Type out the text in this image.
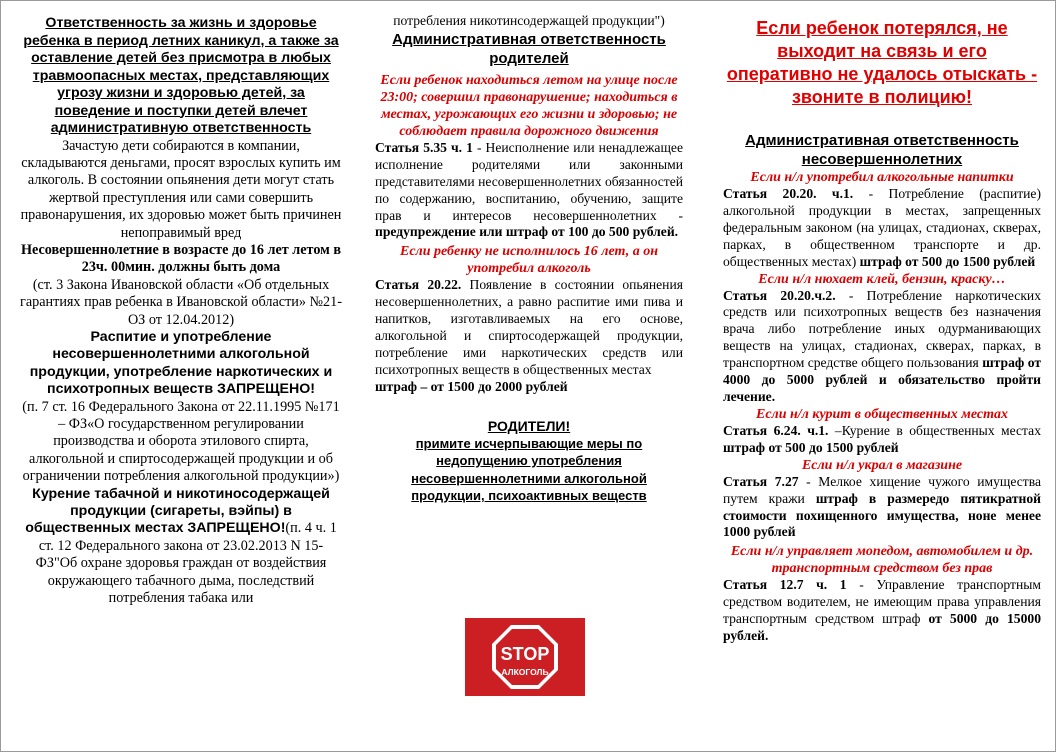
Ответственность за жизнь и здоровье ребенка в период летних каникул, а также за оставление детей без присмотра в любых травмоопасных местах, представляющих угрозу жизни и здоровью детей, за поведение и поступки детей влечет административную ответственность

Зачастую дети собираются в компании, складываются деньгами, просят взрослых купить им алкоголь. В состоянии опьянения дети могут стать жертвой преступления или сами совершить правонарушения, их здоровью может быть причинен непоправимый вред

Несовершеннолетние в возрасте до 16 лет летом в 23ч. 00мин. должны быть дома

(ст. 3 Закона Ивановской области «Об отдельных гарантиях прав ребенка в Ивановской области» №21-ОЗ от 12.04.2012)

Распитие и употребление несовершеннолетними алкогольной продукции, употребление наркотических и психотропных веществ ЗАПРЕЩЕНО!

(п. 7 ст. 16 Федерального Закона от 22.11.1995 №171 – ФЗ«О государственном регулировании производства и оборота этилового спирта, алкогольной и спиртосодержащей продукции и об ограничении потребления алкогольной продукции»)

Курение табачной и никотиносодержащей продукции (сигареты, вэйпы) в общественных местах ЗАПРЕЩЕНО!(п. 4 ч. 1 ст. 12 Федерального закона от 23.02.2013 N 15-ФЗ"Об охране здоровья граждан от воздействия окружающего табачного дыма, последствий потребления табака или

потребления никотинсодержащей продукции")

Административная ответственность родителей

Если ребенок находиться летом на улице после 23:00; совершил правонарушение; находиться в местах, угрожающих его жизни и здоровью; не соблюдает правила дорожного движения

Статья 5.35 ч. 1 - Неисполнение или ненадлежащее исполнение родителями или законными представителями несовершеннолетних обязанностей по содержанию, воспитанию, обучению, защите прав и интересов несовершеннолетних - предупреждение или штраф от 100 до 500 рублей.

Если ребенку не исполнилось 16 лет, а он употребил алкоголь

Статья 20.22. Появление в состоянии опьянения несовершеннолетних, а равно распитие ими пива и напитков, изготавливаемых на его основе, алкогольной и спиртосодержащей продукции, потребление ими наркотических средств или психотропных веществ в общественных местах

штраф – от 1500 до 2000 рублей

РОДИТЕЛИ!

примите исчерпывающие меры по недопущению употребления несовершеннолетними алкогольной продукции, психоактивных веществ

STOP
АЛКОГОЛЬ

Если ребенок потерялся, не выходит на связь и его оперативно не удалось отыскать - звоните в полицию!

Административная ответственность несовершеннолетних

Если н/л употребил алкогольные напитки

Статья 20.20. ч.1. - Потребление (распитие) алкогольной продукции в местах, запрещенных федеральным законом (на улицах, стадионах, скверах, парках, в общественном транспорте и др. общественных местах) штраф от 500 до 1500 рублей

Если н/л нюхает клей, бензин, краску…

Статья 20.20.ч.2. - Потребление наркотических средств или психотропных веществ без назначения врача либо потребление иных одурманивающих веществ на улицах, стадионах, скверах, парках, в транспортном средстве общего пользования штраф от 4000 до 5000 рублей и обязательство пройти лечение.

Если н/л курит в общественных местах

Статья 6.24. ч.1. –Курение в общественных местах штраф от 500 до 1500 рублей

Если н/л украл в магазине

Статья 7.27 - Мелкое хищение чужого имущества путем кражи штраф в размередо пятикратной стоимости похищенного имущества, ноне менее 1000 рублей

Если н/л управляет мопедом, автомобилем и др. транспортным средством без прав

Статья 12.7 ч. 1 - Управление транспортным средством водителем, не имеющим права управления транспортным средством штраф от 5000 до 15000 рублей.
